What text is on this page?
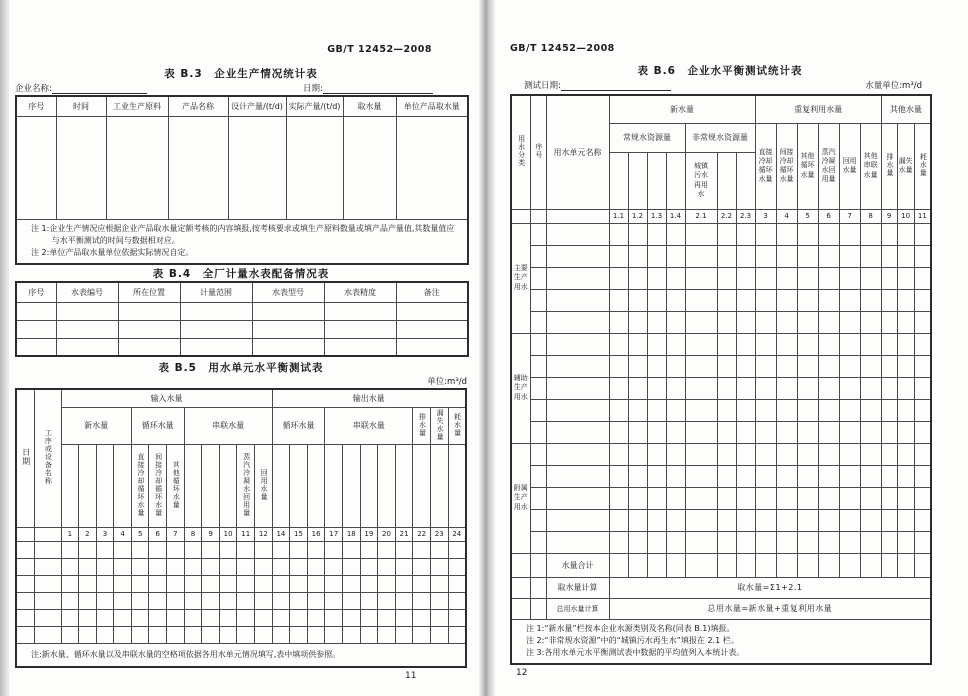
GB/T 12452—2008
表 B.3　企业生产情况统计表
企业名称:	日期:
序号	时间	工业生产原料	产品名称	设计产量/(t/d)	实际产量/(t/d)	取水量	单位产品取水量

注 1:企业生产情况应根据企业产品取水量定额考核的内容填报,按考核要求或填生产原料数量或填产品产量值,其数量值应与水平衡测试的时间与数据相对应。
注 2:单位产品取水量单位依据实际情况自定。							
表 B.4　全厂计量水表配备情况表
序号	水表编号	所在位置	计量范围	水表型号	水表精度	备注

表 B.5　用水单元水平衡测试表
单位:m³/d
日期	工序或设备名称	输入水量												输出水量										
		新水量				循环水量			串联水量					循环水量			串联水量					排水量	漏失水量	耗水量
						直接冷却循环水量	间接冷却循环水量	其他循环水量				蒸汽冷凝水回用量	回用水量											
		1	2	3	4	5	6	7	8	9	10	11	12	14	15	16	17	18	19	20	21	22	23	24

注:新水量、循环水量以及串联水量的空格项依据各用水单元情况填写,表中填项供参照。																								
11
GB/T 12452—2008
表 B.6　企业水平衡测试统计表
测试日期:	水量单位:m³/d
用水分类	序号	用水单元名称	新水量							重复利用水量						其他水量		
			常规水资源量				非常规水资源量			直接冷却循环水量	间接冷却循环水量	其他循环水量	蒸汽冷凝水回用量	回用水量	其他串联水量	排水量	漏失水量	耗水量
							城镇污水再用水											
			1.1	1.2	1.3	1.4	2.1	2.2	2.3	3	4	5	6	7	8	9	10	11
主要生产用水																		

辅助生产用水																		

附属生产用水																		

		水量合计																
		取水量计算	取水量=Σ1+2.1															
		总用水量计算	总用水量=新水量+重复利用水量															

注 1:“新水量”栏按本企业水源类别及名称(同表 B.1)填报。
注 2:“非常规水资源”中的“城镇污水再生水”填报在 2.1 栏。
注 3:各用水单元水平衡测试表中数据的平均值列入本统计表。																		
12
